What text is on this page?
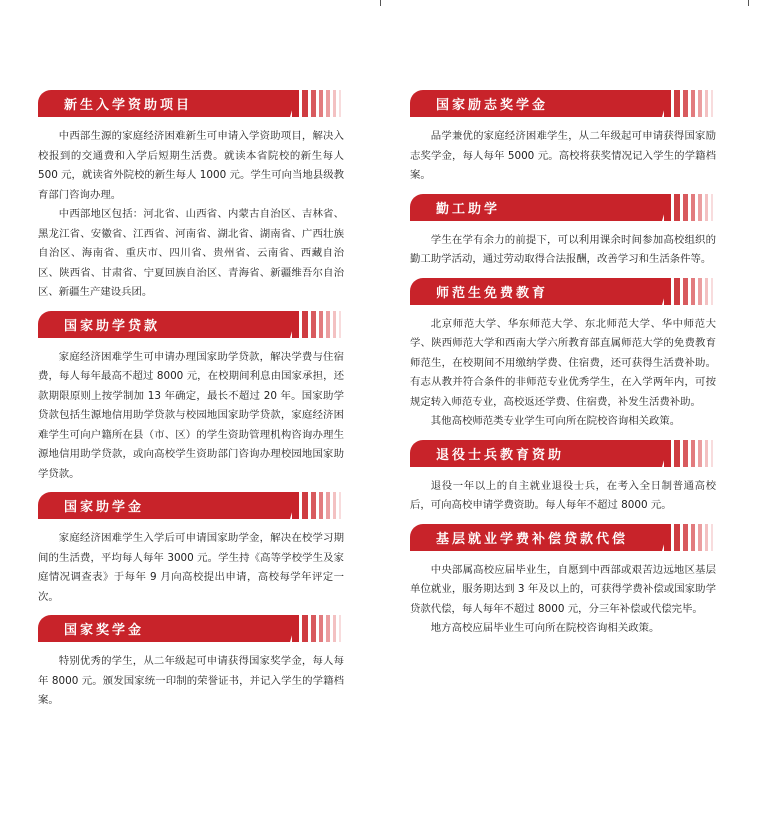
新生入学资助项目

中西部生源的家庭经济困难新生可申请入学资助项目，解决入校报到的交通费和入学后短期生活费。就读本省院校的新生每人 500 元，就读省外院校的新生每人 1000 元。学生可向当地县级教育部门咨询办理。

中西部地区包括：河北省、山西省、内蒙古自治区、吉林省、黑龙江省、安徽省、江西省、河南省、湖北省、湖南省、广西壮族自治区、海南省、重庆市、四川省、贵州省、云南省、西藏自治区、陕西省、甘肃省、宁夏回族自治区、青海省、新疆维吾尔自治区、新疆生产建设兵团。

国家助学贷款

家庭经济困难学生可申请办理国家助学贷款，解决学费与住宿费，每人每年最高不超过 8000 元，在校期间利息由国家承担，还款期限原则上按学制加 13 年确定，最长不超过 20 年。国家助学贷款包括生源地信用助学贷款与校园地国家助学贷款，家庭经济困难学生可向户籍所在县（市、区）的学生资助管理机构咨询办理生源地信用助学贷款，或向高校学生资助部门咨询办理校园地国家助学贷款。

国家助学金

家庭经济困难学生入学后可申请国家助学金，解决在校学习期间的生活费，平均每人每年 3000 元。学生持《高等学校学生及家庭情况调查表》于每年 9 月向高校提出申请，高校每学年评定一次。

国家奖学金

特别优秀的学生，从二年级起可申请获得国家奖学金，每人每年 8000 元。颁发国家统一印制的荣誉证书，并记入学生的学籍档案。

国家励志奖学金

品学兼优的家庭经济困难学生，从二年级起可申请获得国家励志奖学金，每人每年 5000 元。高校将获奖情况记入学生的学籍档案。

勤工助学

学生在学有余力的前提下，可以利用课余时间参加高校组织的勤工助学活动，通过劳动取得合法报酬，改善学习和生活条件等。

师范生免费教育

北京师范大学、华东师范大学、东北师范大学、华中师范大学、陕西师范大学和西南大学六所教育部直属师范大学的免费教育师范生，在校期间不用缴纳学费、住宿费，还可获得生活费补助。有志从教并符合条件的非师范专业优秀学生，在入学两年内，可按规定转入师范专业，高校返还学费、住宿费，补发生活费补助。

其他高校师范类专业学生可向所在院校咨询相关政策。

退役士兵教育资助

退役一年以上的自主就业退役士兵，在考入全日制普通高校后，可向高校申请学费资助。每人每年不超过 8000 元。

基层就业学费补偿贷款代偿

中央部属高校应届毕业生，自愿到中西部或艰苦边远地区基层单位就业，服务期达到 3 年及以上的，可获得学费补偿或国家助学贷款代偿，每人每年不超过 8000 元，分三年补偿或代偿完毕。

地方高校应届毕业生可向所在院校咨询相关政策。
